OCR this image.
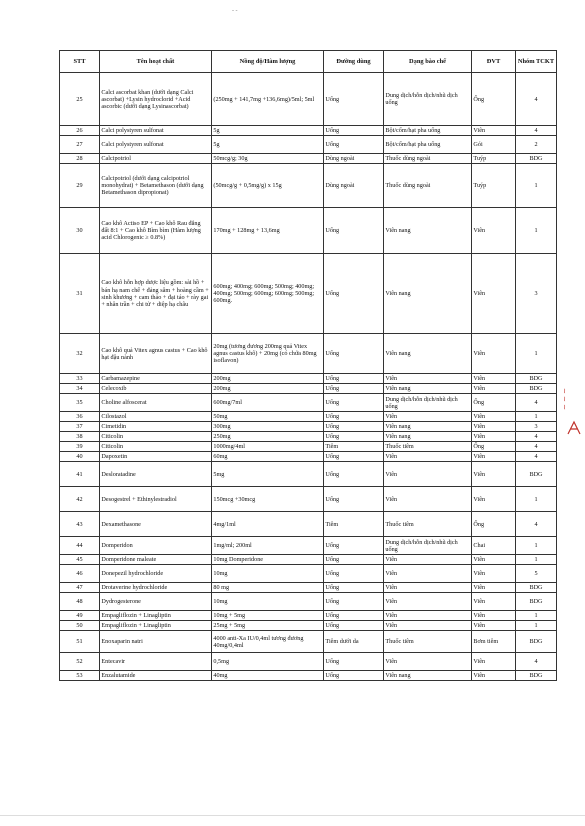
- -
STT	Tên hoạt chất	Nồng độ/Hàm lượng	Đường dùng	Dạng bào chế	ĐVT	Nhóm TCKT
25	Calci ascorbat khan (dưới dạng Calci ascorbat) +Lysin hydroclorid +Acid ascorbic (dưới dạng Lysinascorbat)	(250mg + 141,7mg +136,6mg)/5ml; 5ml	Uống	Dung dịch/hỗn dịch/nhũ dịch uống	Ống	4
26	Calci polystyren sulfonat	5g	Uống	Bột/cốm/hạt pha uống	Viên	4
27	Calci polystyren sulfonat	5g	Uống	Bột/cốm/hạt pha uống	Gói	2
28	Calcipotriol	50mcg/g; 30g	Dùng ngoài	Thuốc dùng ngoài	Tuýp	BDG
29	Calcipotriol (dưới dạng calcipotriol monohydrat) + Betamethason (dưới dạng Betamethason dipropionat)	(50mcg/g + 0,5mg/g) x 15g	Dùng ngoài	Thuốc dùng ngoài	Tuýp	1
30	Cao khô Actiso EP + Cao khô Rau đắng đất 8:1 + Cao khô Bìm bìm (Hàm lượng acid Chlorogenic ≥ 0.8%)	170mg + 128mg + 13,6mg	Uống	Viên nang	Viên	1
31	Cao khô hỗn hợp dược liệu gồm: sài hồ + bán hạ nam chế + đảng sâm + hoàng cầm + sinh khương + cam thảo + đại táo + rày gai + nhân trần + chi tử + diệp hạ châu	600mg; 400mg; 600mg; 500mg; 400mg; 400mg; 500mg; 600mg; 600mg; 500mg; 600mg.	Uống	Viên nang	Viên	3
32	Cao khô quả Vitex agnus castus + Cao khô hạt đậu nành	20mg (tương đương 200mg quả Vitex agnus castus khô) + 20mg (có chứa 80mg isoflavon)	Uống	Viên nang	Viên	1
33	Carbamazepine	200mg	Uống	Viên	Viên	BDG
34	Celecoxib	200mg	Uống	Viên nang	Viên	BDG
35	Choline alfoscerat	600mg/7ml	Uống	Dung dịch/hỗn dịch/nhũ dịch uống	Ống	4
36	Cilostazol	50mg	Uống	Viên	Viên	1
37	Cimetidin	300mg	Uống	Viên nang	Viên	3
38	Citicolin	250mg	Uống	Viên nang	Viên	4
39	Citicolin	1000mg/4ml	Tiêm	Thuốc tiêm	Ống	4
40	Dapoxetin	60mg	Uống	Viên	Viên	4
41	Desloratadine	5mg	Uống	Viên	Viên	BDG
42	Desogestrel + Ethinylestradiol	150mcg +30mcg	Uống	Viên	Viên	1
43	Dexamethasone	4mg/1ml	Tiêm	Thuốc tiêm	Ống	4
44	Domperidon	1mg/ml; 200ml	Uống	Dung dịch/hỗn dịch/nhũ dịch uống	Chai	1
45	Domperidone maleate	10mg Domperidone	Uống	Viên	Viên	1
46	Donepezil hydrochloride	10mg	Uống	Viên	Viên	5
47	Drotaverine hydrochloride	80 mg	Uống	Viên	Viên	BDG
48	Dydrogesterone	10mg	Uống	Viên	Viên	BDG
49	Empagliflozin + Linagliptin	10mg + 5mg	Uống	Viên	Viên	1
50	Empagliflozin + Linagliptin	25mg + 5mg	Uống	Viên	Viên	1
51	Enoxaparin natri	4000 anti-Xa IU/0,4ml tương đương 40mg/0,4ml	Tiêm dưới da	Thuốc tiêm	Bơm tiêm	BDG
52	Entecavir	0,5mg	Uống	Viên	Viên	4
53	Enzalutamide	40mg	Uống	Viên nang	Viên	BDG
~ ~ ~
